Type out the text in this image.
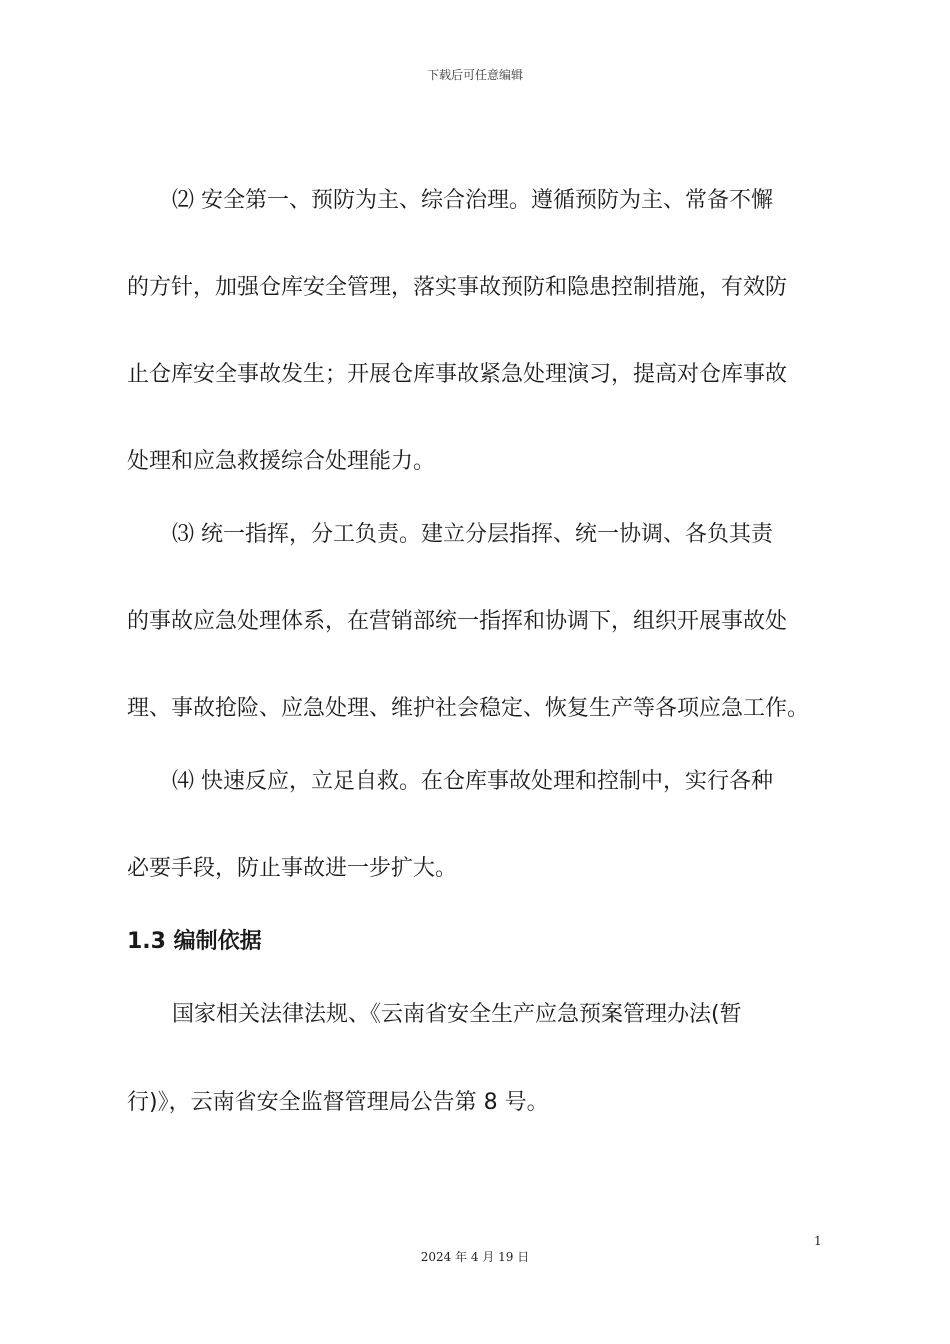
下载后可任意编辑
⑵ 安全第一、预防为主、综合治理。遵循预防为主、常备不懈
的方针，加强仓库安全管理，落实事故预防和隐患控制措施，有效防
止仓库安全事故发生；开展仓库事故紧急处理演习，提高对仓库事故
处理和应急救援综合处理能力。
⑶ 统一指挥，分工负责。建立分层指挥、统一协调、各负其责
的事故应急处理体系，在营销部统一指挥和协调下，组织开展事故处
理、事故抢险、应急处理、维护社会稳定、恢复生产等各项应急工作。
⑷ 快速反应，立足自救。在仓库事故处理和控制中，实行各种
必要手段，防止事故进一步扩大。
1.3 编制依据
国家相关法律法规、《云南省安全生产应急预案管理办法(暂
行)》，云南省安全监督管理局公告第 8 号。
1
2024 年 4 月 19 日
